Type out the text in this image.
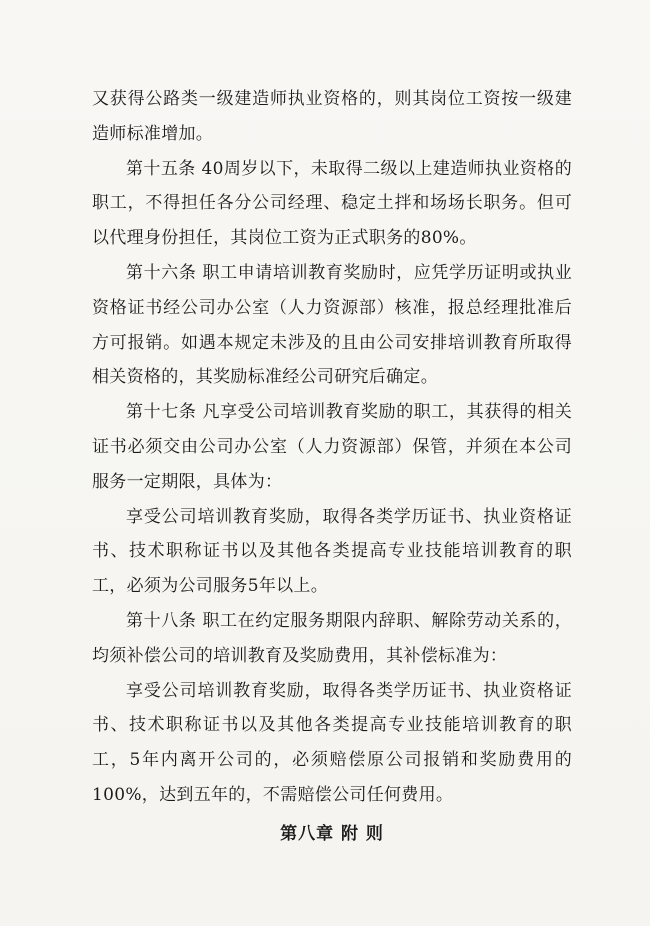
又获得公路类一级建造师执业资格的，则其岗位工资按一级建造师标准增加。

第十五条 40周岁以下，未取得二级以上建造师执业资格的职工，不得担任各分公司经理、稳定土拌和场场长职务。但可以代理身份担任，其岗位工资为正式职务的80%。

第十六条 职工申请培训教育奖励时，应凭学历证明或执业资格证书经公司办公室（人力资源部）核准，报总经理批准后方可报销。如遇本规定未涉及的且由公司安排培训教育所取得相关资格的，其奖励标准经公司研究后确定。

第十七条 凡享受公司培训教育奖励的职工，其获得的相关证书必须交由公司办公室（人力资源部）保管，并须在本公司服务一定期限，具体为：

享受公司培训教育奖励，取得各类学历证书、执业资格证书、技术职称证书以及其他各类提高专业技能培训教育的职工，必须为公司服务5年以上。

第十八条 职工在约定服务期限内辞职、解除劳动关系的，均须补偿公司的培训教育及奖励费用，其补偿标准为：

享受公司培训教育奖励，取得各类学历证书、执业资格证书、技术职称证书以及其他各类提高专业技能培训教育的职工，5年内离开公司的，必须赔偿原公司报销和奖励费用的100%，达到五年的，不需赔偿公司任何费用。

第八章 附 则
